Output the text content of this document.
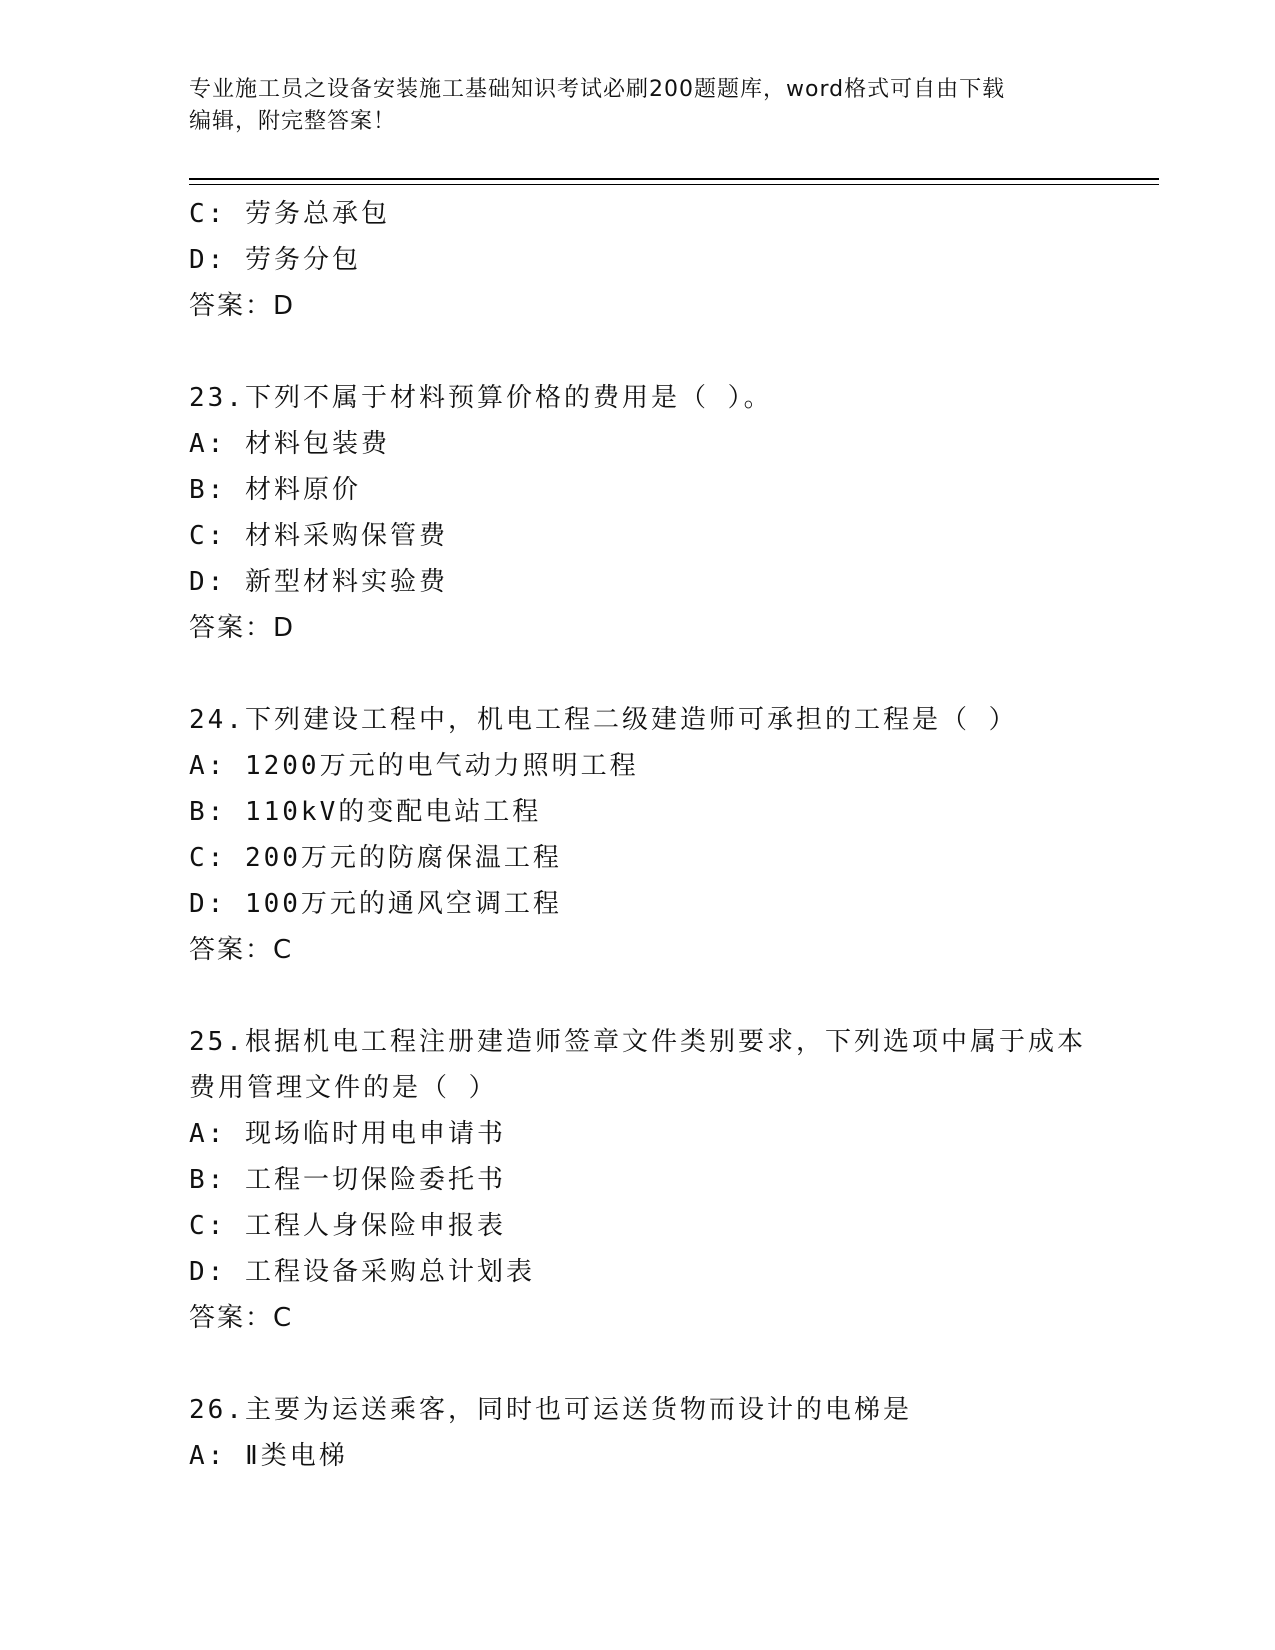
专业施工员之设备安装施工基础知识考试必刷200题题库，word格式可自由下载
编辑，附完整答案！
C: 劳务总承包
D: 劳务分包
答案：D
23.下列不属于材料预算价格的费用是（ ）。
A: 材料包装费
B: 材料原价
C: 材料采购保管费
D: 新型材料实验费
答案：D
24.下列建设工程中，机电工程二级建造师可承担的工程是（ ）
A: 1200万元的电气动力照明工程
B: 110kV的变配电站工程
C: 200万元的防腐保温工程
D: 100万元的通风空调工程
答案：C
25.根据机电工程注册建造师签章文件类别要求，下列选项中属于成本
费用管理文件的是（ ）
A: 现场临时用电申请书
B: 工程一切保险委托书
C: 工程人身保险申报表
D: 工程设备采购总计划表
答案：C
26.主要为运送乘客，同时也可运送货物而设计的电梯是
A: Ⅱ类电梯
